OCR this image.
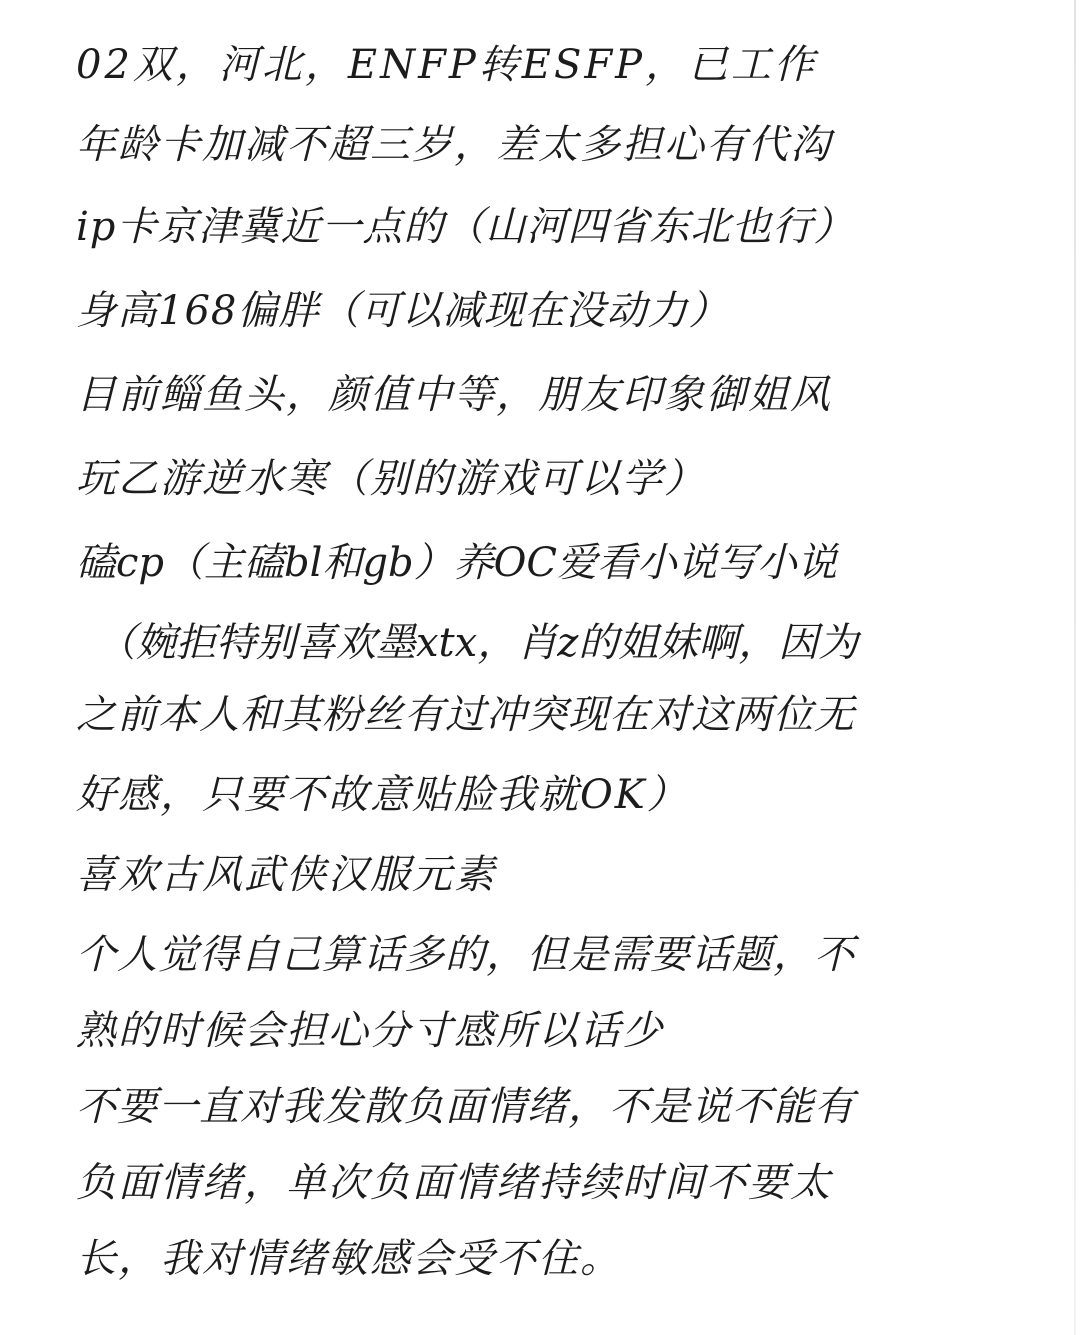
02双，河北，ENFP转ESFP，已工作

年龄卡加减不超三岁，差太多担心有代沟

ip卡京津冀近一点的（山河四省东北也行）

身高168偏胖（可以减现在没动力）

目前鲻鱼头，颜值中等，朋友印象御姐风

玩乙游逆水寒（别的游戏可以学）

磕cp（主磕bl和gb）养OC爱看小说写小说

（婉拒特别喜欢墨xtx，肖z的姐妹啊，因为

之前本人和其粉丝有过冲突现在对这两位无

好感，只要不故意贴脸我就OK）

喜欢古风武侠汉服元素

个人觉得自己算话多的，但是需要话题，不

熟的时候会担心分寸感所以话少

不要一直对我发散负面情绪，不是说不能有

负面情绪，单次负面情绪持续时间不要太

长，我对情绪敏感会受不住。
